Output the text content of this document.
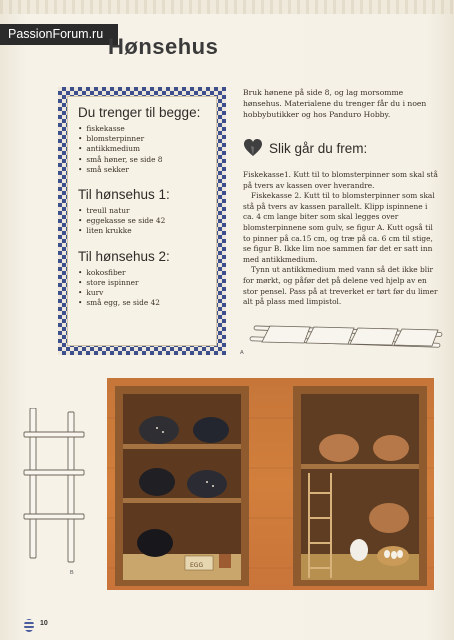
PassionForum.ru Hønsehus
Du trenger til begge:
• fiskekasse
• blomsterpinner
• antikkmedium
• små høner, se side 8
• små sekker
Til hønsehus 1:
• treull natur
• eggekasse se side 42
• liten krukke
Til hønsehus 2:
• kokosfiber
• store ispinner
• kurv
• små egg, se side 42
Bruk hønene på side 8, og lag morsomme hønsehus. Materialene du trenger får du i noen hobbybutikker og hos Panduro Hobby.
Slik går du frem:

Fiskekasse1. Kutt til to blomsterpinner som skal stå på tvers av kassen over hverandre.

Fiskekasse 2. Kutt til to blomsterpinner som skal stå på tvers av kassen parallelt. Klipp ispinnene i ca. 4 cm lange biter som skal legges over blomsterpinnene som gulv, se figur A. Kutt også til to pinner på ca.15 cm, og træ på ca. 6 cm til stige, se figur B. Ikke lim noe sammen før det er satt inn med antikkmedium.

Tynn ut antikkmedium med vann så det ikke blir for mørkt, og påfør det på delene ved hjelp av en stor pensel. Pass på at treverket er tørt før du limer alt på plass med limpistol.

A
B
EGG
10
